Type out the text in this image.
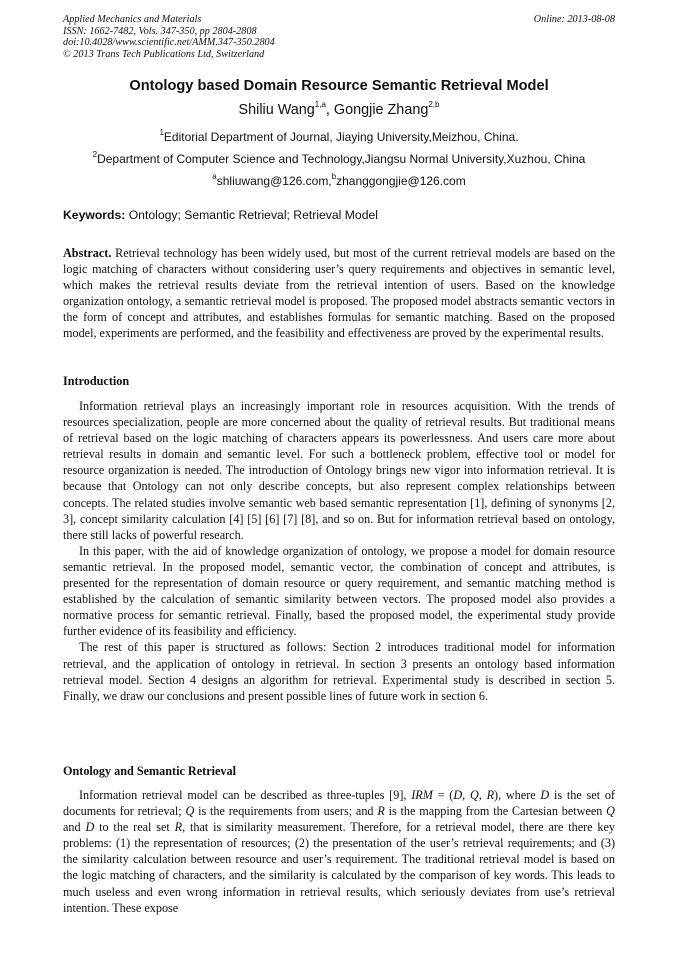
Applied Mechanics and Materials
ISSN: 1662-7482, Vols. 347-350, pp 2804-2808
doi:10.4028/www.scientific.net/AMM.347-350.2804
© 2013 Trans Tech Publications Ltd, Switzerland
Online: 2013-08-08
Ontology based Domain Resource Semantic Retrieval Model
Shiliu Wang$^{1,a}$, Gongjie Zhang$^{2,b}$
$^1$Editorial Department of Journal, Jiaying University,Meizhou, China.
$^2$Department of Computer Science and Technology,Jiangsu Normal University,Xuzhou, China
$^a$shliuwang@126.com,$^b$zhanggongjie@126.com
Keywords: Ontology; Semantic Retrieval; Retrieval Model
Abstract. Retrieval technology has been widely used, but most of the current retrieval models are based on the logic matching of characters without considering user’s query requirements and objectives in semantic level, which makes the retrieval results deviate from the retrieval intention of users. Based on the knowledge organization ontology, a semantic retrieval model is proposed. The proposed model abstracts semantic vectors in the form of concept and attributes, and establishes formulas for semantic matching. Based on the proposed model, experiments are performed, and the feasibility and effectiveness are proved by the experimental results.
Introduction

Information retrieval plays an increasingly important role in resources acquisition. With the trends of resources specialization, people are more concerned about the quality of retrieval results. But traditional means of retrieval based on the logic matching of characters appears its powerlessness. And users care more about retrieval results in domain and semantic level. For such a bottleneck problem, effective tool or model for resource organization is needed. The introduction of Ontology brings new vigor into information retrieval. It is because that Ontology can not only describe concepts, but also represent complex relationships between concepts. The related studies involve semantic web based semantic representation [1], defining of synonyms [2, 3], concept similarity calculation [4] [5] [6] [7] [8], and so on. But for information retrieval based on ontology, there still lacks of powerful research.

In this paper, with the aid of knowledge organization of ontology, we propose a model for domain resource semantic retrieval. In the proposed model, semantic vector, the combination of concept and attributes, is presented for the representation of domain resource or query requirement, and semantic matching method is established by the calculation of semantic similarity between vectors. The proposed model also provides a normative process for semantic retrieval. Finally, based the proposed model, the experimental study provide further evidence of its feasibility and efficiency.

The rest of this paper is structured as follows: Section 2 introduces traditional model for information retrieval, and the application of ontology in retrieval. In section 3 presents an ontology based information retrieval model. Section 4 designs an algorithm for retrieval. Experimental study is described in section 5. Finally, we draw our conclusions and present possible lines of future work in section 6.

Ontology and Semantic Retrieval

Information retrieval model can be described as three-tuples [9], IRM = (D, Q, R), where D is the set of documents for retrieval; Q is the requirements from users; and R is the mapping from the Cartesian between Q and D to the real set R, that is similarity measurement. Therefore, for a retrieval model, there are there key problems: (1) the representation of resources; (2) the presentation of the user’s retrieval requirements; and (3) the similarity calculation between resource and user’s requirement. The traditional retrieval model is based on the logic matching of characters, and the similarity is calculated by the comparison of key words. This leads to much useless and even wrong information in retrieval results, which seriously deviates from use’s retrieval intention. These expose
